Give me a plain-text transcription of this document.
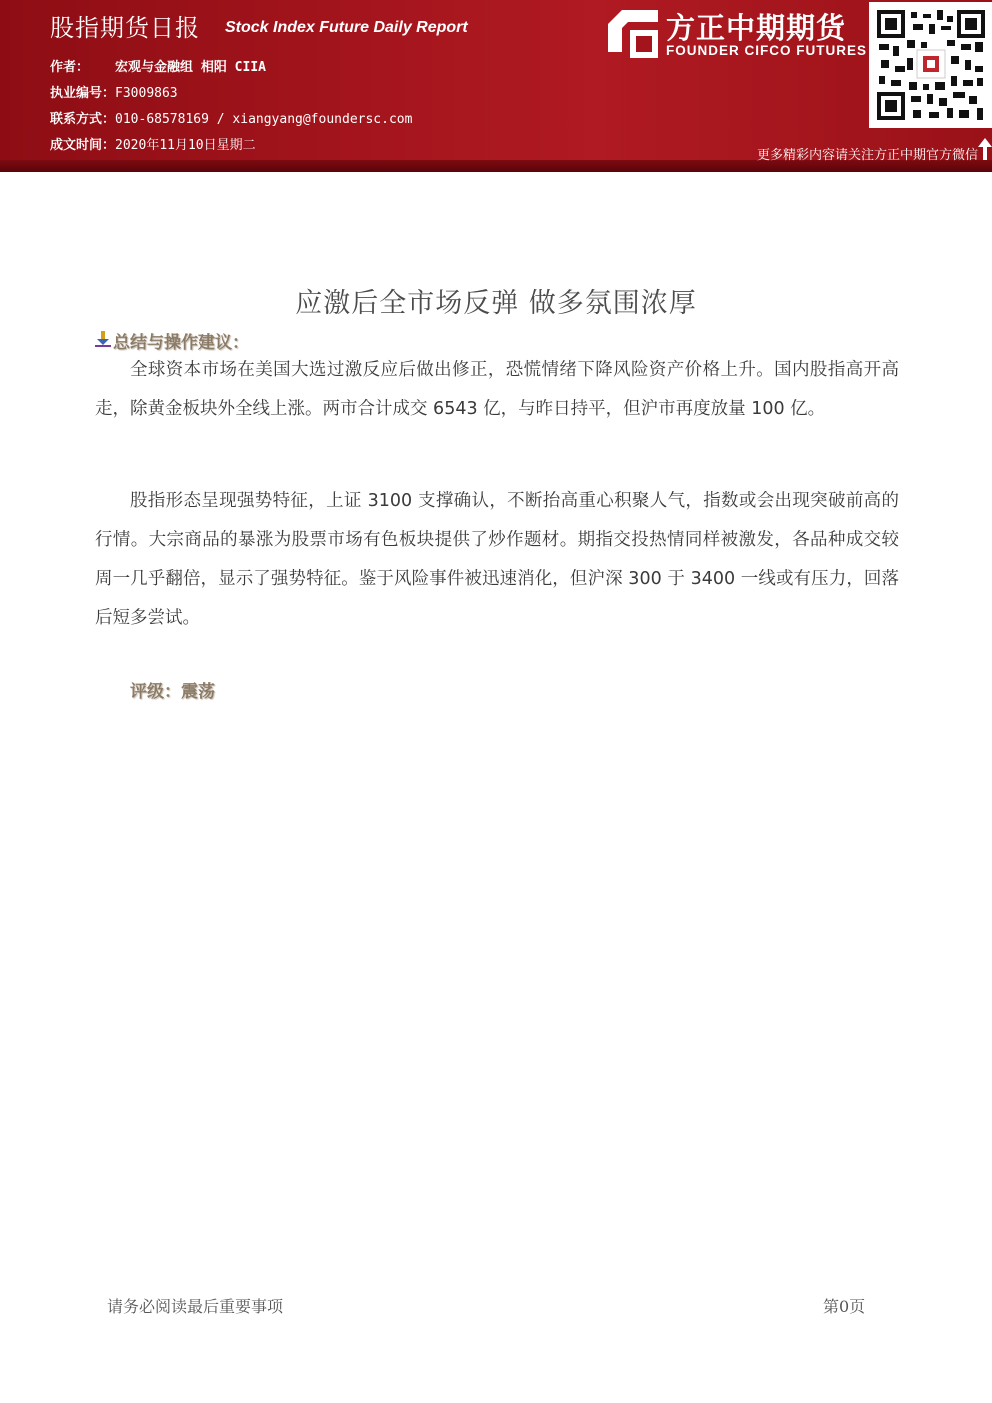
股指期货日报 Stock Index Future Daily Report
作者： 宏观与金融组 相阳 CIIA
执业编号：F3009863
联系方式：010-68578169 / xiangyang@foundersc.com
成文时间：2020年11月10日星期二
方正中期期货
FOUNDER CIFCO FUTURES
更多精彩内容请关注方正中期官方微信
应激后全市场反弹 做多氛围浓厚
总结与操作建议：

全球资本市场在美国大选过激反应后做出修正，恐慌情绪下降风险资产价格上升。国内股指高开高走，除黄金板块外全线上涨。两市合计成交 6543 亿，与昨日持平，但沪市再度放量 100 亿。

股指形态呈现强势特征，上证 3100 支撑确认，不断抬高重心积聚人气，指数或会出现突破前高的行情。大宗商品的暴涨为股票市场有色板块提供了炒作题材。期指交投热情同样被激发，各品种成交较周一几乎翻倍，显示了强势特征。鉴于风险事件被迅速消化，但沪深 300 于 3400 一线或有压力，回落后短多尝试。

评级：震荡
请务必阅读最后重要事项	第0页
